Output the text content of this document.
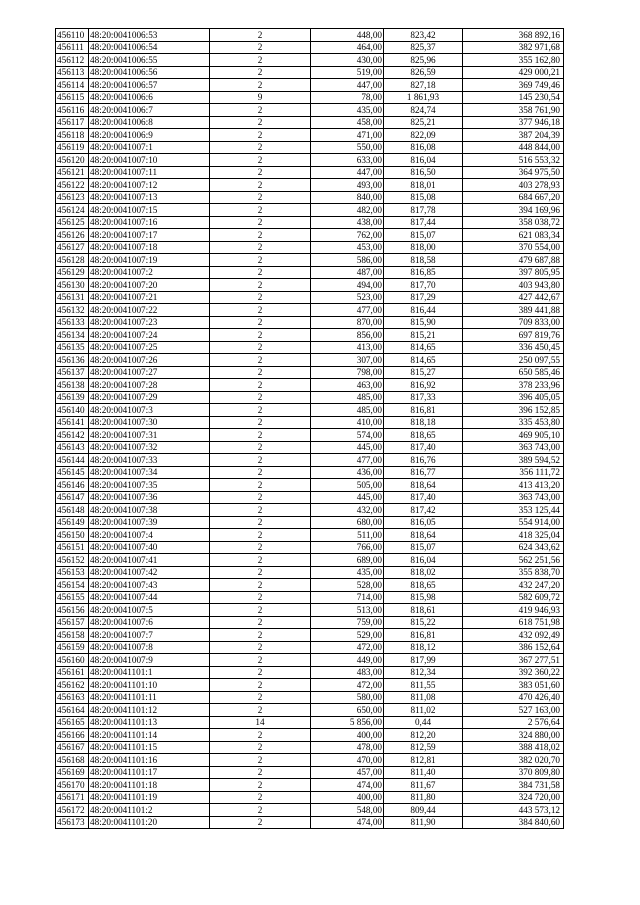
456110	48:20:0041006:53	2	448,00	823,42	368 892,16
456111	48:20:0041006:54	2	464,00	825,37	382 971,68
456112	48:20:0041006:55	2	430,00	825,96	355 162,80
456113	48:20:0041006:56	2	519,00	826,59	429 000,21
456114	48:20:0041006:57	2	447,00	827,18	369 749,46
456115	48:20:0041006:6	9	78,00	1 861,93	145 230,54
456116	48:20:0041006:7	2	435,00	824,74	358 761,90
456117	48:20:0041006:8	2	458,00	825,21	377 946,18
456118	48:20:0041006:9	2	471,00	822,09	387 204,39
456119	48:20:0041007:1	2	550,00	816,08	448 844,00
456120	48:20:0041007:10	2	633,00	816,04	516 553,32
456121	48:20:0041007:11	2	447,00	816,50	364 975,50
456122	48:20:0041007:12	2	493,00	818,01	403 278,93
456123	48:20:0041007:13	2	840,00	815,08	684 667,20
456124	48:20:0041007:15	2	482,00	817,78	394 169,96
456125	48:20:0041007:16	2	438,00	817,44	358 038,72
456126	48:20:0041007:17	2	762,00	815,07	621 083,34
456127	48:20:0041007:18	2	453,00	818,00	370 554,00
456128	48:20:0041007:19	2	586,00	818,58	479 687,88
456129	48:20:0041007:2	2	487,00	816,85	397 805,95
456130	48:20:0041007:20	2	494,00	817,70	403 943,80
456131	48:20:0041007:21	2	523,00	817,29	427 442,67
456132	48:20:0041007:22	2	477,00	816,44	389 441,88
456133	48:20:0041007:23	2	870,00	815,90	709 833,00
456134	48:20:0041007:24	2	856,00	815,21	697 819,76
456135	48:20:0041007:25	2	413,00	814,65	336 450,45
456136	48:20:0041007:26	2	307,00	814,65	250 097,55
456137	48:20:0041007:27	2	798,00	815,27	650 585,46
456138	48:20:0041007:28	2	463,00	816,92	378 233,96
456139	48:20:0041007:29	2	485,00	817,33	396 405,05
456140	48:20:0041007:3	2	485,00	816,81	396 152,85
456141	48:20:0041007:30	2	410,00	818,18	335 453,80
456142	48:20:0041007:31	2	574,00	818,65	469 905,10
456143	48:20:0041007:32	2	445,00	817,40	363 743,00
456144	48:20:0041007:33	2	477,00	816,76	389 594,52
456145	48:20:0041007:34	2	436,00	816,77	356 111,72
456146	48:20:0041007:35	2	505,00	818,64	413 413,20
456147	48:20:0041007:36	2	445,00	817,40	363 743,00
456148	48:20:0041007:38	2	432,00	817,42	353 125,44
456149	48:20:0041007:39	2	680,00	816,05	554 914,00
456150	48:20:0041007:4	2	511,00	818,64	418 325,04
456151	48:20:0041007:40	2	766,00	815,07	624 343,62
456152	48:20:0041007:41	2	689,00	816,04	562 251,56
456153	48:20:0041007:42	2	435,00	818,02	355 838,70
456154	48:20:0041007:43	2	528,00	818,65	432 247,20
456155	48:20:0041007:44	2	714,00	815,98	582 609,72
456156	48:20:0041007:5	2	513,00	818,61	419 946,93
456157	48:20:0041007:6	2	759,00	815,22	618 751,98
456158	48:20:0041007:7	2	529,00	816,81	432 092,49
456159	48:20:0041007:8	2	472,00	818,12	386 152,64
456160	48:20:0041007:9	2	449,00	817,99	367 277,51
456161	48:20:0041101:1	2	483,00	812,34	392 360,22
456162	48:20:0041101:10	2	472,00	811,55	383 051,60
456163	48:20:0041101:11	2	580,00	811,08	470 426,40
456164	48:20:0041101:12	2	650,00	811,02	527 163,00
456165	48:20:0041101:13	14	5 856,00	0,44	2 576,64
456166	48:20:0041101:14	2	400,00	812,20	324 880,00
456167	48:20:0041101:15	2	478,00	812,59	388 418,02
456168	48:20:0041101:16	2	470,00	812,81	382 020,70
456169	48:20:0041101:17	2	457,00	811,40	370 809,80
456170	48:20:0041101:18	2	474,00	811,67	384 731,58
456171	48:20:0041101:19	2	400,00	811,80	324 720,00
456172	48:20:0041101:2	2	548,00	809,44	443 573,12
456173	48:20:0041101:20	2	474,00	811,90	384 840,60
